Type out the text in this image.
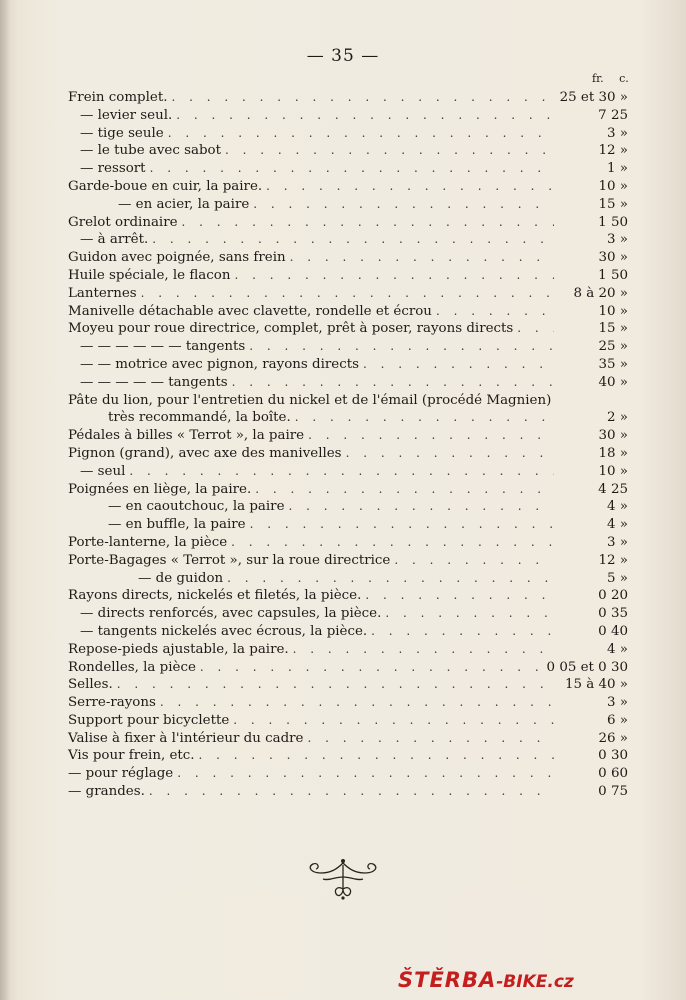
— 35 —
fr. c.
Frein complet. . . .	25 et 30 »
— levier seul. . . .	7 25
— tige seule . . .	3 »
— le tube avec sabot . . .	12 »
— ressort . . .	1 »
Garde-boue en cuir, la paire. . . .	10 »
— en acier, la paire . . .	15 »
Grelot ordinaire . . .	1 50
— à arrêt. . . .	3 »
Guidon avec poignée, sans frein . . .	30 »
Huile spéciale, le flacon . . .	1 50
Lanternes . . .	8 à 20 »
Manivelle détachable avec clavette, rondelle et écrou . . .	10 »
Moyeu pour roue directrice, complet, prêt à poser, rayons directs . . .	15 »
— — — — — — tangents . . .	25 »
— — motrice avec pignon, rayons directs . . .	35 »
— — — — — tangents . . .	40 »
Pâte du lion, pour l'entretien du nickel et de l'émail (procédé Magnien)
très recommandé, la boîte. . . .	2 »
Pédales à billes « Terrot », la paire . . .	30 »
Pignon (grand), avec axe des manivelles . . .	18 »
— seul . . .	10 »
Poignées en liège, la paire. . . .	4 25
— en caoutchouc, la paire . . .	4 »
— en buffle, la paire . . .	4 »
Porte-lanterne, la pièce . . .	3 »
Porte-Bagages « Terrot », sur la roue directrice . . .	12 »
— de guidon . . .	5 »
Rayons directs, nickelés et filetés, la pièce. . . .	0 20
— directs renforcés, avec capsules, la pièce. . . .	0 35
— tangents nickelés avec écrous, la pièce. . . .	0 40
Repose-pieds ajustable, la paire. . . .	4 »
Rondelles, la pièce . . .	0 05 et 0 30
Selles. . . .	15 à 40 »
Serre-rayons . . .	3 »
Support pour bicyclette . . .	6 »
Valise à fixer à l'intérieur du cadre . . .	26 »
Vis pour frein, etc. . . .	0 30
— pour réglage . . .	0 60
— grandes. . . .	0 75
ŠTĚRBA-BIKE.cz
